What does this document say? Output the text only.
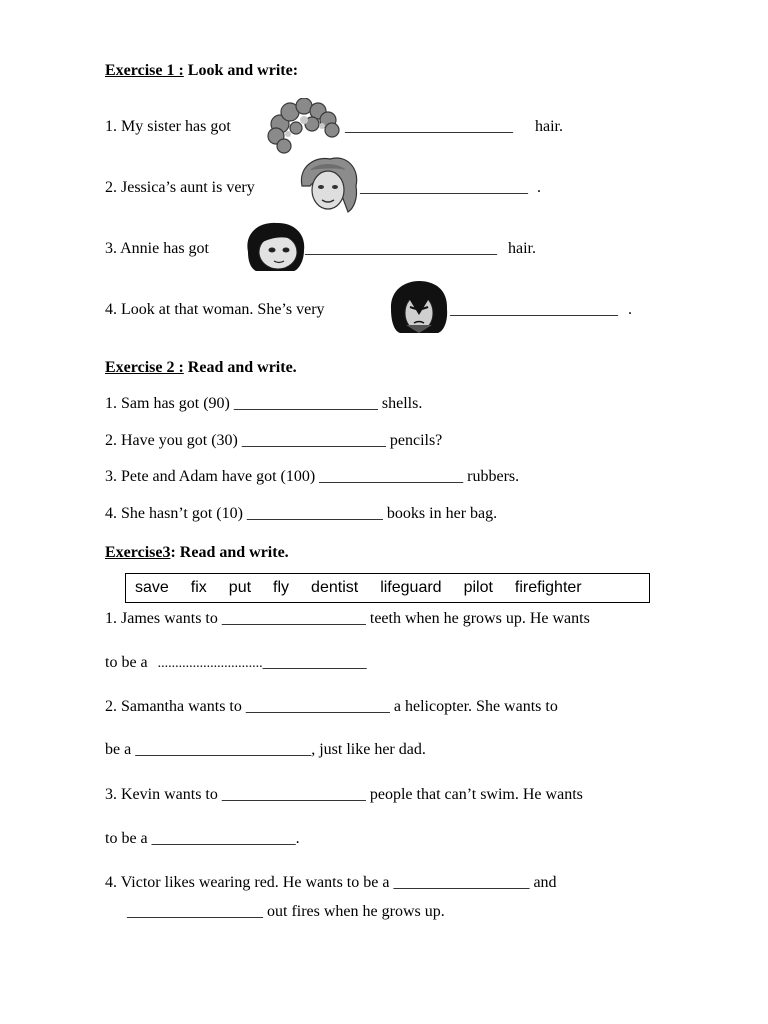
Exercise 1 : Look and write:
1. My sister has got	_____________________ hair.
2. Jessica’s aunt is very	_____________________ .
3. Annie has got	________________________ hair.
4. Look at that woman. She’s very	_____________________ .
Exercise 2 : Read and write.
1. Sam has got (90) __________________ shells.
2. Have you got (30) __________________ pencils?
3. Pete and Adam have got (100) __________________ rubbers.
4. She hasn’t got (10) _________________ books in her bag.
Exercise3: Read and write.
save fix put fly dentist lifeguard pilot firefighter
1. James wants to __________________ teeth when he grows up. He wants
to be a .............................._____________
2. Samantha wants to __________________ a helicopter. She wants to
be a ______________________, just like her dad.
3. Kevin wants to __________________ people that can’t swim. He wants
to be a __________________.
4. Victor likes wearing red. He wants to be a _________________ and
_________________ out fires when he grows up.
